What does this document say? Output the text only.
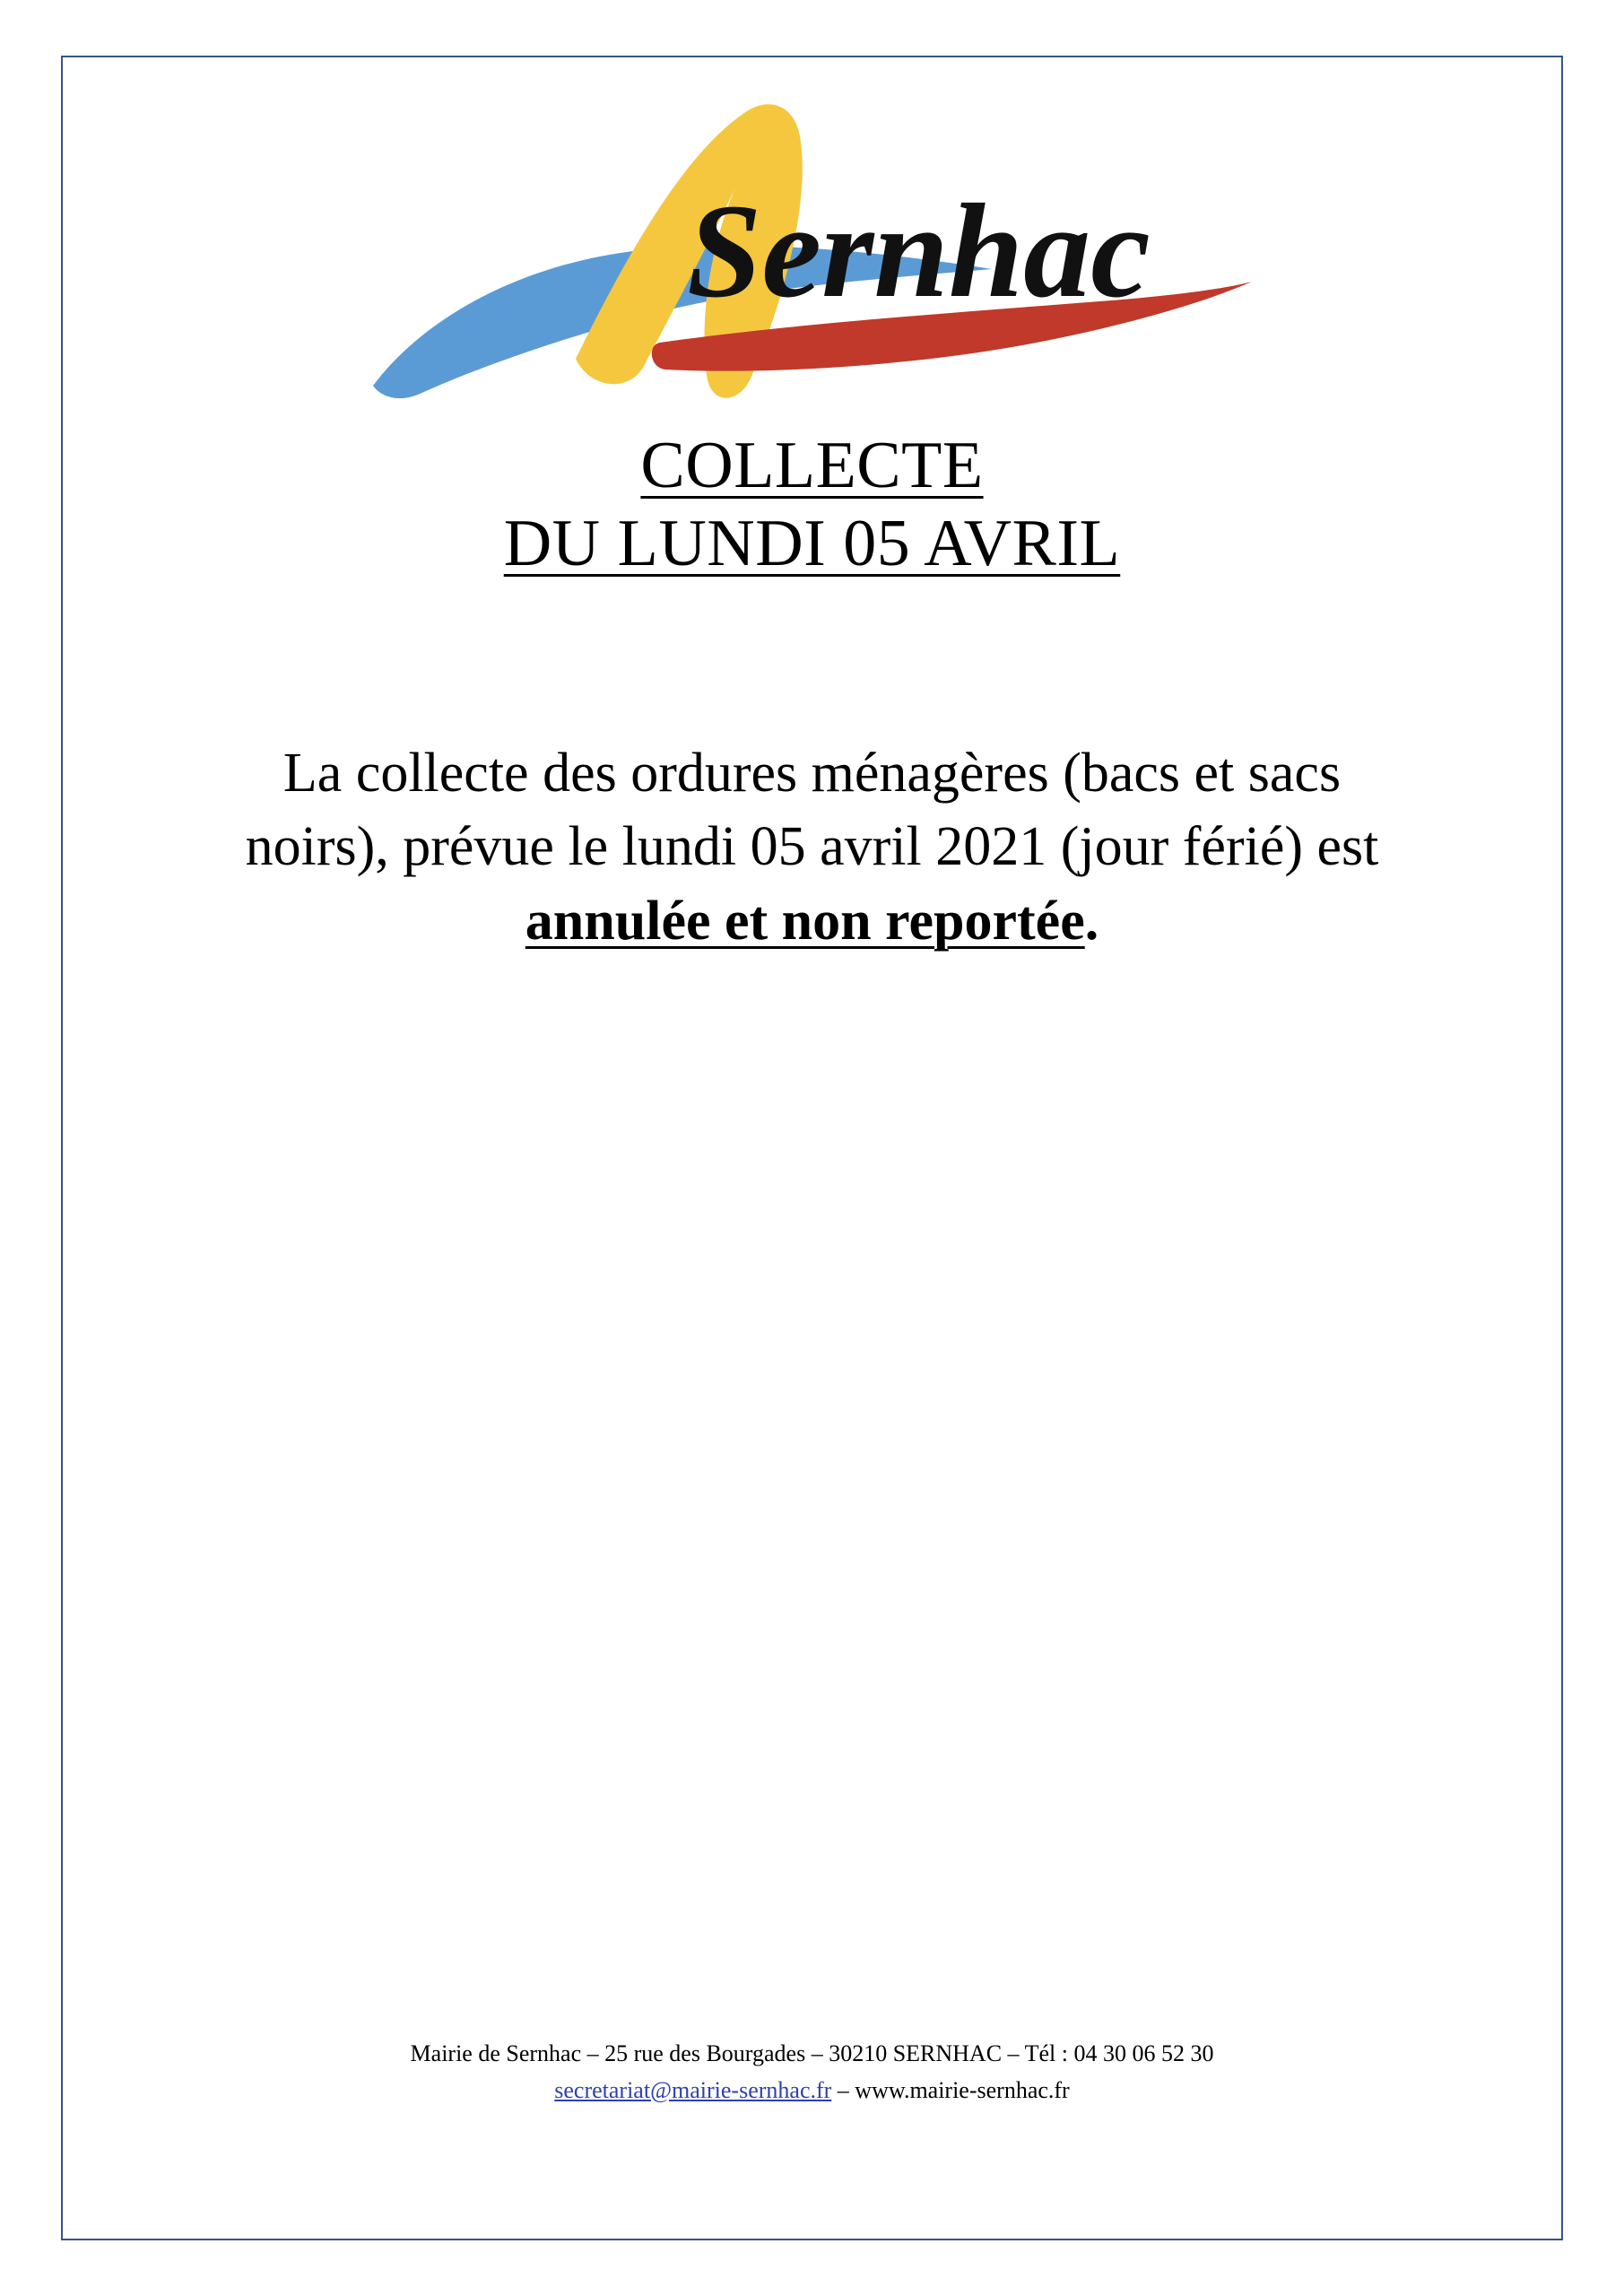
Sernhac
COLLECTE
DU LUNDI 05 AVRIL
La collecte des ordures ménagères (bacs et sacs noirs), prévue le lundi 05 avril 2021 (jour férié) est annulée et non reportée.
Mairie de Sernhac – 25 rue des Bourgades – 30210 SERNHAC – Tél : 04 30 06 52 30
secretariat@mairie-sernhac.fr – www.mairie-sernhac.fr
